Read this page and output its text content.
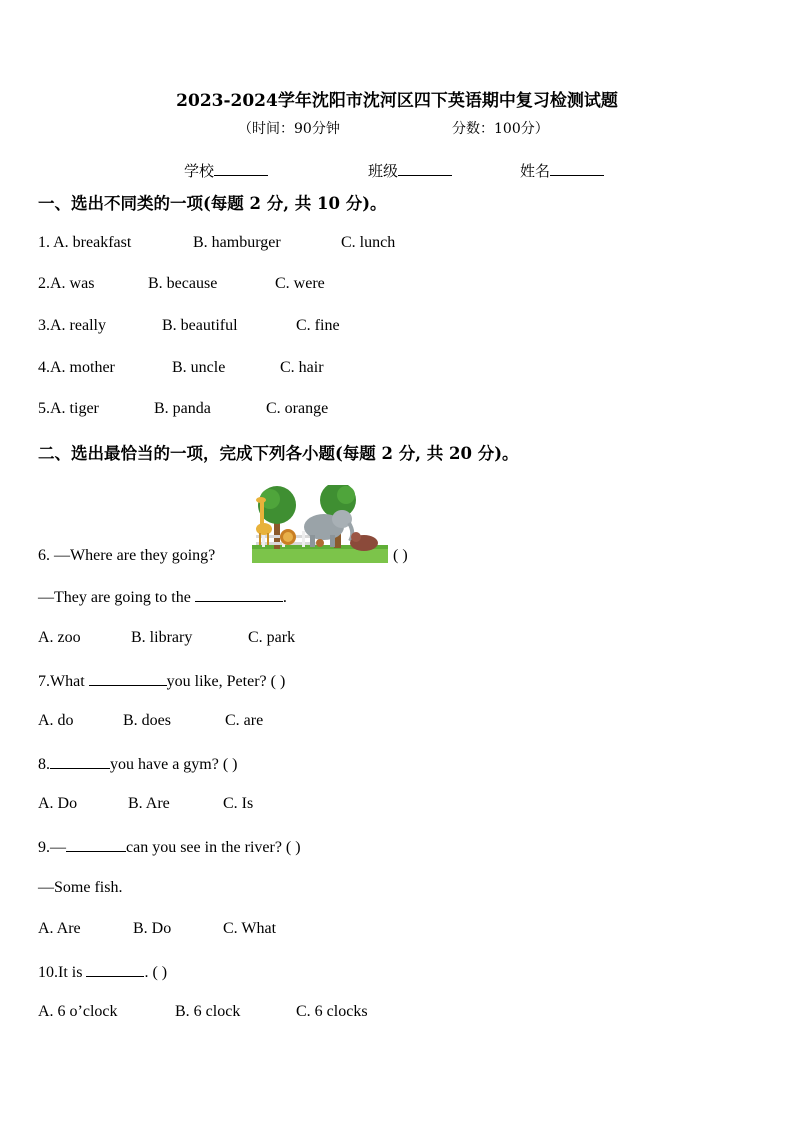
2023-2024学年沈阳市沈河区四下英语期中复习检测试题
（时间：90分钟	分数：100分）
学校	班级	姓名
一、选出不同类的一项(每题 2 分, 共 10 分)。
1. A. breakfast	B. hamburger	C. lunch
2.A. was	B. because	C. were
3.A. really	B. beautiful	C. fine
4.A. mother	B. uncle	C. hair
5.A. tiger	B. panda	C. orange
二、选出最恰当的一项，完成下列各小题(每题 2 分, 共 20 分)。
6. —Where are they going?	( )
—They are going to the	.
A. zoo	B. library	C. park
7.What	you like, Peter? ( )
A. do	B. does	C. are
8.	you have a gym? ( )
A. Do	B. Are	C. Is
9.—	can you see in the river? ( )
—Some fish.
A. Are	B. Do	C. What
10.It is	. ( )
A. 6 o’clock	B. 6 clock	C. 6 clocks
